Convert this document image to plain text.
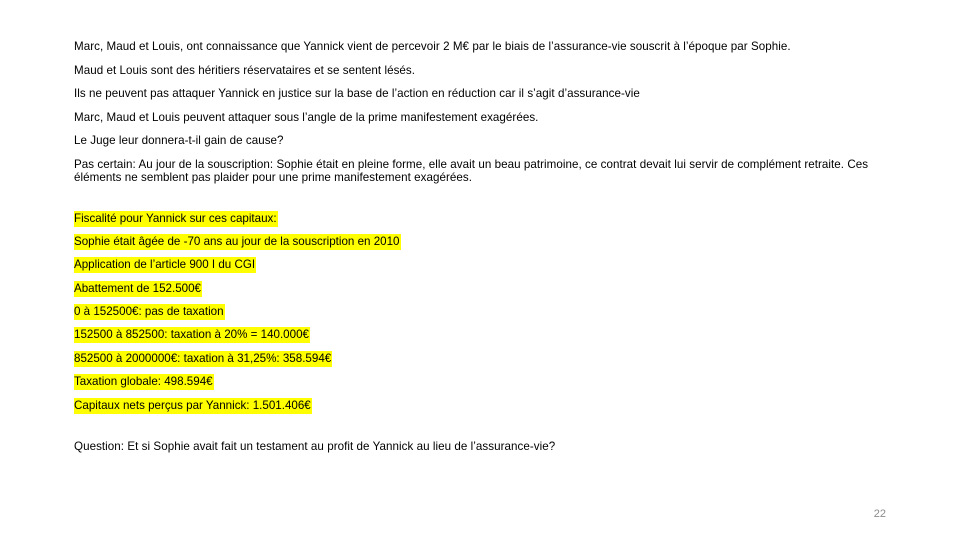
Marc, Maud et Louis, ont connaissance que Yannick vient de percevoir 2 M€ par le biais de l’assurance-vie souscrit à l’époque par Sophie.

Maud et Louis sont des héritiers réservataires et se sentent lésés.

Ils ne peuvent pas attaquer Yannick en justice sur la base de l’action en réduction car il s’agit d’assurance-vie

Marc, Maud et Louis peuvent attaquer sous l’angle de la prime manifestement exagérées.

Le Juge leur donnera-t-il gain de cause?

Pas certain: Au jour de la souscription: Sophie était en pleine forme, elle avait un beau patrimoine, ce contrat devait lui servir de complément retraite. Ces éléments ne semblent pas plaider pour une prime manifestement exagérées.

Fiscalité pour Yannick sur ces capitaux:
Sophie était âgée de -70 ans au jour de la souscription en 2010
Application de l’article 900 I du CGI
Abattement de 152.500€
0 à 152500€: pas de taxation
152500 à 852500: taxation à 20% = 140.000€
852500 à 2000000€: taxation à 31,25%: 358.594€
Taxation globale: 498.594€
Capitaux nets perçus par Yannick: 1.501.406€

Question: Et si Sophie avait fait un testament au profit de Yannick au lieu de l’assurance-vie?

22
